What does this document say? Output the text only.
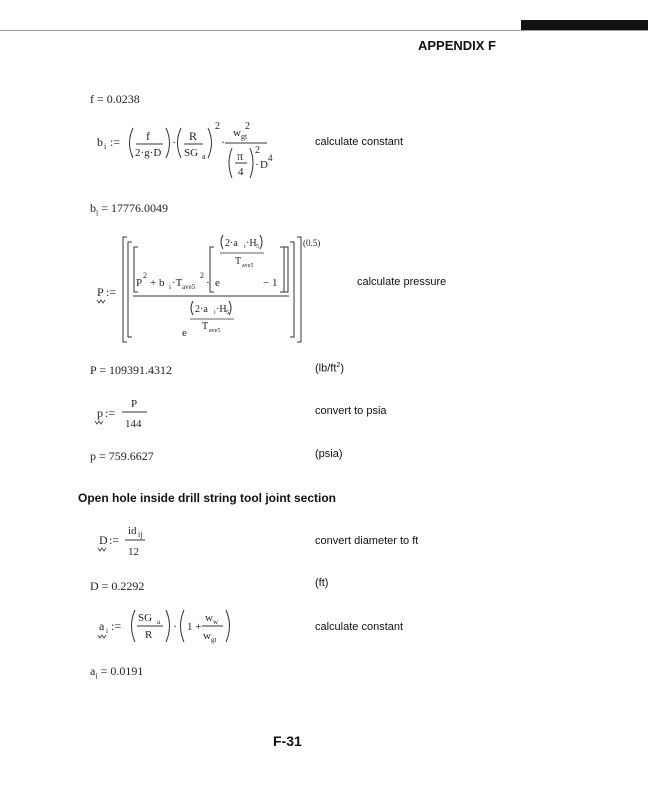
APPENDIX F
f = 0.0238
b i := f
2·g·D
· R
SG a
2
·
2
w gt
π
4
2
· D
4
calculate constant
$b_i = 17776.0049$
P :=
(0.5)
P
2
+ b i ·T ave5
2
· e
2·a i ·H 5
T ave5
− 1
2·a i ·H 5
T ave5
e
calculate pressure
P = 109391.4312	$(lb/ft^2)$
p :=
P
144
convert to psia
p = 759.6627	(psia)
Open hole inside drill string tool joint section
D :=
id ij
12
convert diameter to ft
D = 0.2292	(ft)
a i :=
SG a
R
· 1 +
w w
w gt
calculate constant
$a_i = 0.0191$
F-31
